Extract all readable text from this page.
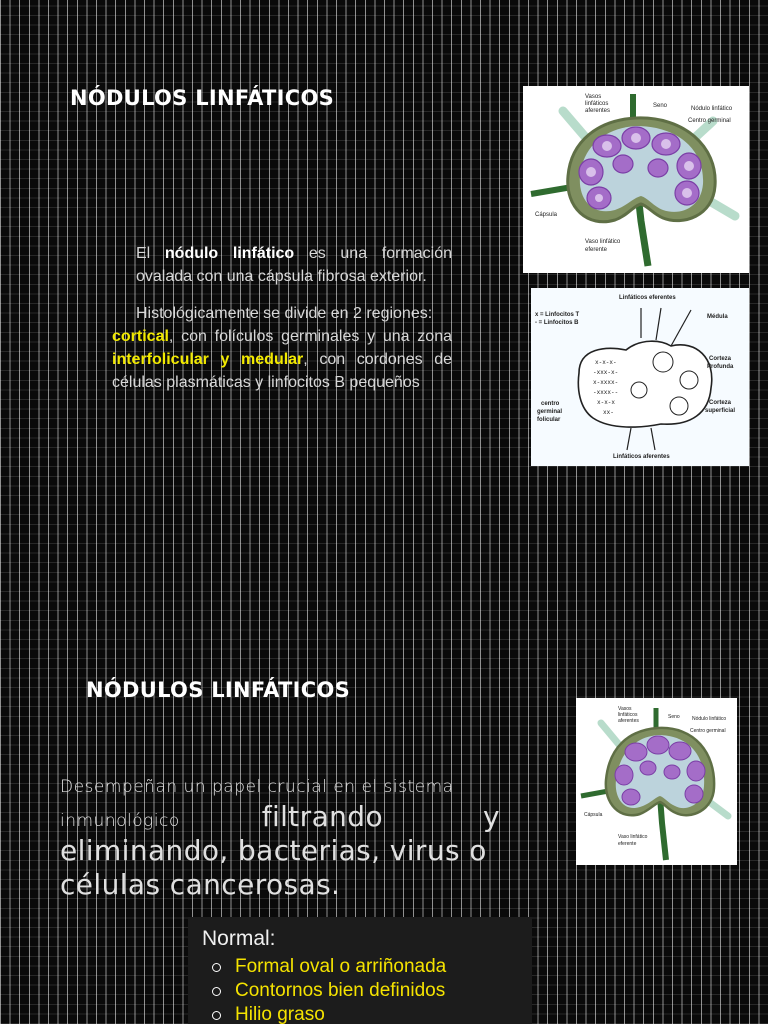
NÓDULOS LINFÁTICOS

El nódulo linfático es una formación ovalada con una cápsula fibrosa exterior.

Histológicamente se divide en 2 regiones:

cortical, con folículos germinales y una zona interfolicular y medular, con cordones de células plasmáticas y linfocitos B pequeños

Vasos
linfáticos
aferentes
Seno	Nódulo linfático
Centro germinal
Cápsula
Vaso linfático
eferente
x-x-x-
-xxx-x-
x-xxxx-
-xxxx--
x-x-x
xx-
Linfáticos eferentes
x = Linfocitos T
- = Linfocitos B
Médula
Corteza
Profunda
centro
germinal
folicular
Corteza
superficial
Linfáticos aferentes
NÓDULOS LINFÁTICOS
Vasos
linfáticos
aferentes
Seno Nódulo linfático
Centro germinal
Cápsula
Vaso linfático
eferente
Desempeñan un papel crucial en el sistema
inmunológico	filtrando	y
eliminando, bacterias, virus o
células cancerosas.
Normal:
Formal oval o arriñonada
Contornos bien definidos
Hilio graso
